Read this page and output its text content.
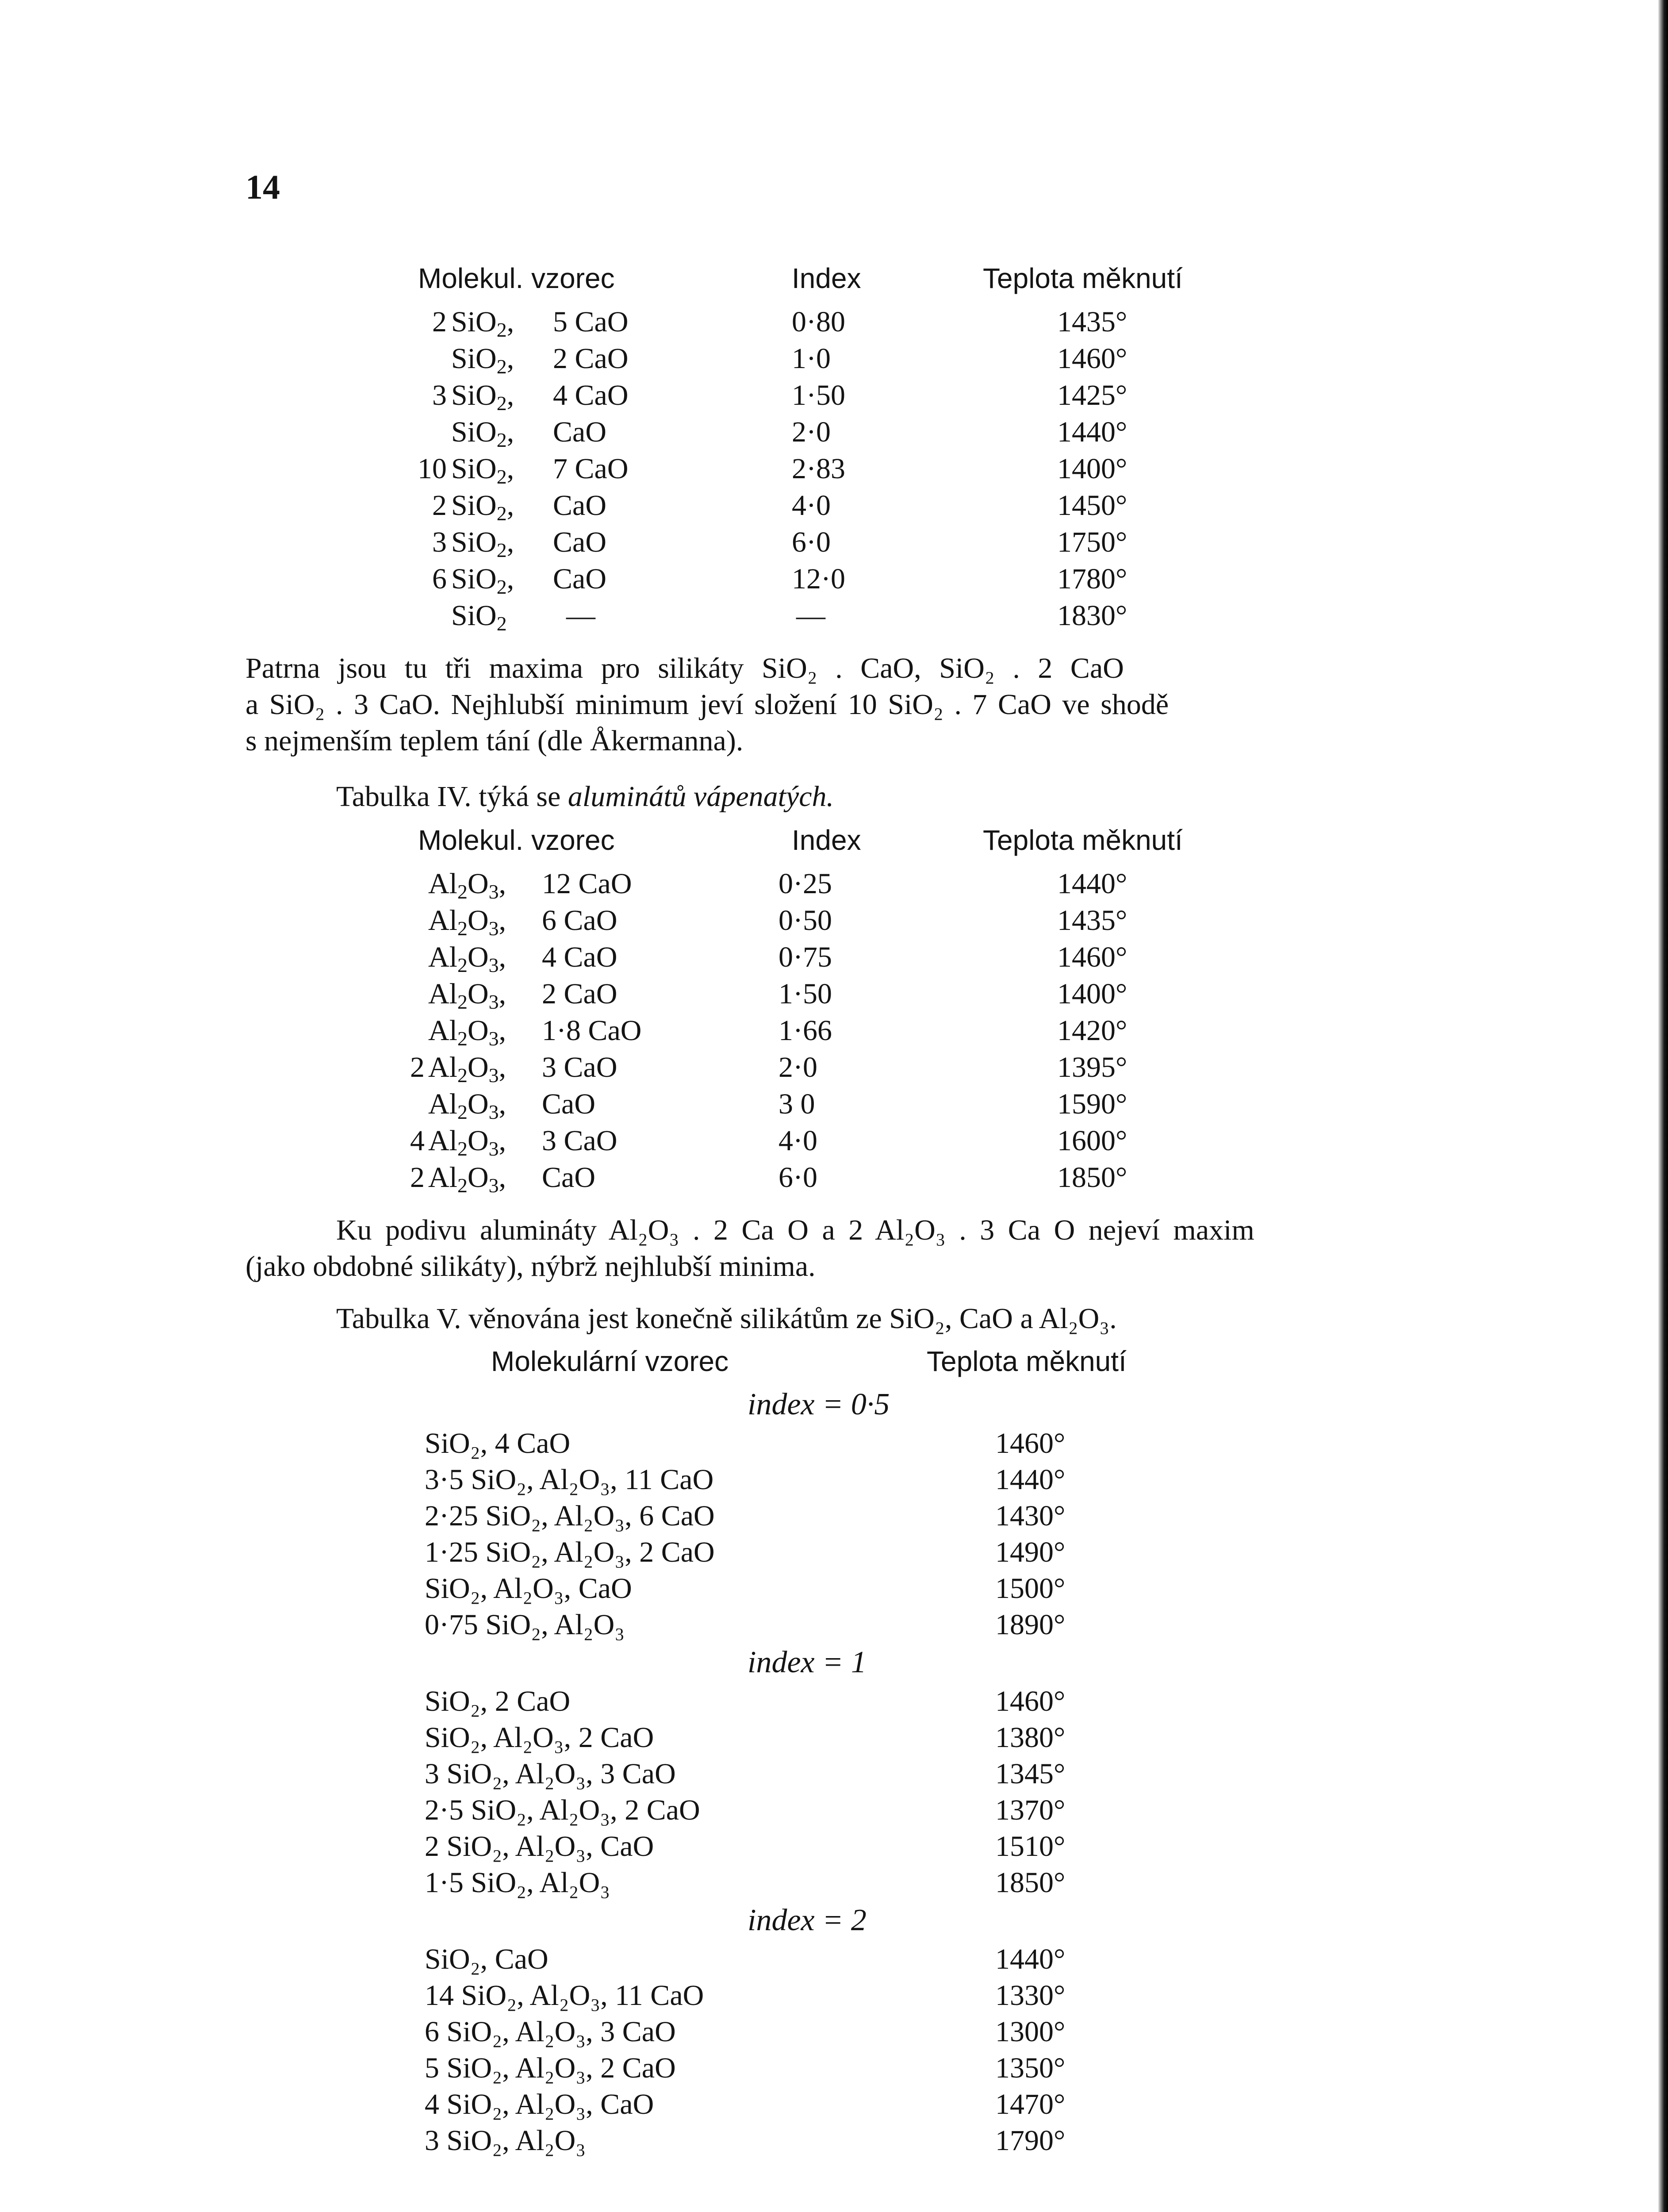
14
Molekul. vzorec	Index	Teplota měknutí
2 SiO$_2$, 5 CaO	0·80	1435°
SiO$_2$, 2 CaO	1·0	1460°
3 SiO$_2$, 4 CaO	1·50	1425°
SiO$_2$, CaO	2·0	1440°
10 SiO$_2$, 7 CaO	2·83	1400°
2 SiO$_2$, CaO	4·0	1450°
3 SiO$_2$, CaO	6·0	1750°
6 SiO$_2$, CaO	12·0	1780°
SiO$_2$ —	—	1830°
Patrna jsou tu tři maxima pro silikáty SiO₂ . CaO, SiO₂ . 2 CaO
a SiO₂ . 3 CaO. Nejhlubší minimum jeví složení 10 SiO₂ . 7 CaO ve shodě
s nejmenším teplem tání (dle Åkermanna).
Tabulka IV. týká se aluminátů vápenatých.
Molekul. vzorec	Index	Teplota měknutí
$Al_2O_3$, 12 CaO	0·25	1440°
$Al_2O_3$, 6 CaO	0·50	1435°
$Al_2O_3$, 4 CaO	0·75	1460°
$Al_2O_3$, 2 CaO	1·50	1400°
$Al_2O_3$, 1·8 CaO	1·66	1420°
2 $Al_2O_3$, 3 CaO	2·0	1395°
$Al_2O_3$, CaO	3 0	1590°
4 $Al_2O_3$, 3 CaO	4·0	1600°
2 $Al_2O_3$, CaO	6·0	1850°
Ku podivu alumináty Al₂O₃ . 2 Ca O a 2 Al₂O₃ . 3 Ca O nejeví maxim
(jako obdobné silikáty), nýbrž nejhlubší minima.
Tabulka V. věnována jest konečně silikátům ze SiO₂, CaO a Al₂O₃.
Molekulární vzorec	Teplota měknutí
index = 0·5
SiO₂, 4 CaO	1460°
3·5 SiO₂, Al₂O₃, 11 CaO	1440°
2·25 SiO₂, Al₂O₃, 6 CaO	1430°
1·25 SiO₂, Al₂O₃, 2 CaO	1490°
SiO₂, Al₂O₃, CaO	1500°
0·75 SiO₂, Al₂O₃	1890°
index = 1
SiO₂, 2 CaO	1460°
SiO₂, Al₂O₃, 2 CaO	1380°
3 SiO₂, Al₂O₃, 3 CaO	1345°
2·5 SiO₂, Al₂O₃, 2 CaO	1370°
2 SiO₂, Al₂O₃, CaO	1510°
1·5 SiO₂, Al₂O₃	1850°
index = 2
SiO₂, CaO	1440°
14 SiO₂, Al₂O₃, 11 CaO	1330°
6 SiO₂, Al₂O₃, 3 CaO	1300°
5 SiO₂, Al₂O₃, 2 CaO	1350°
4 SiO₂, Al₂O₃, CaO	1470°
3 SiO₂, Al₂O₃	1790°
